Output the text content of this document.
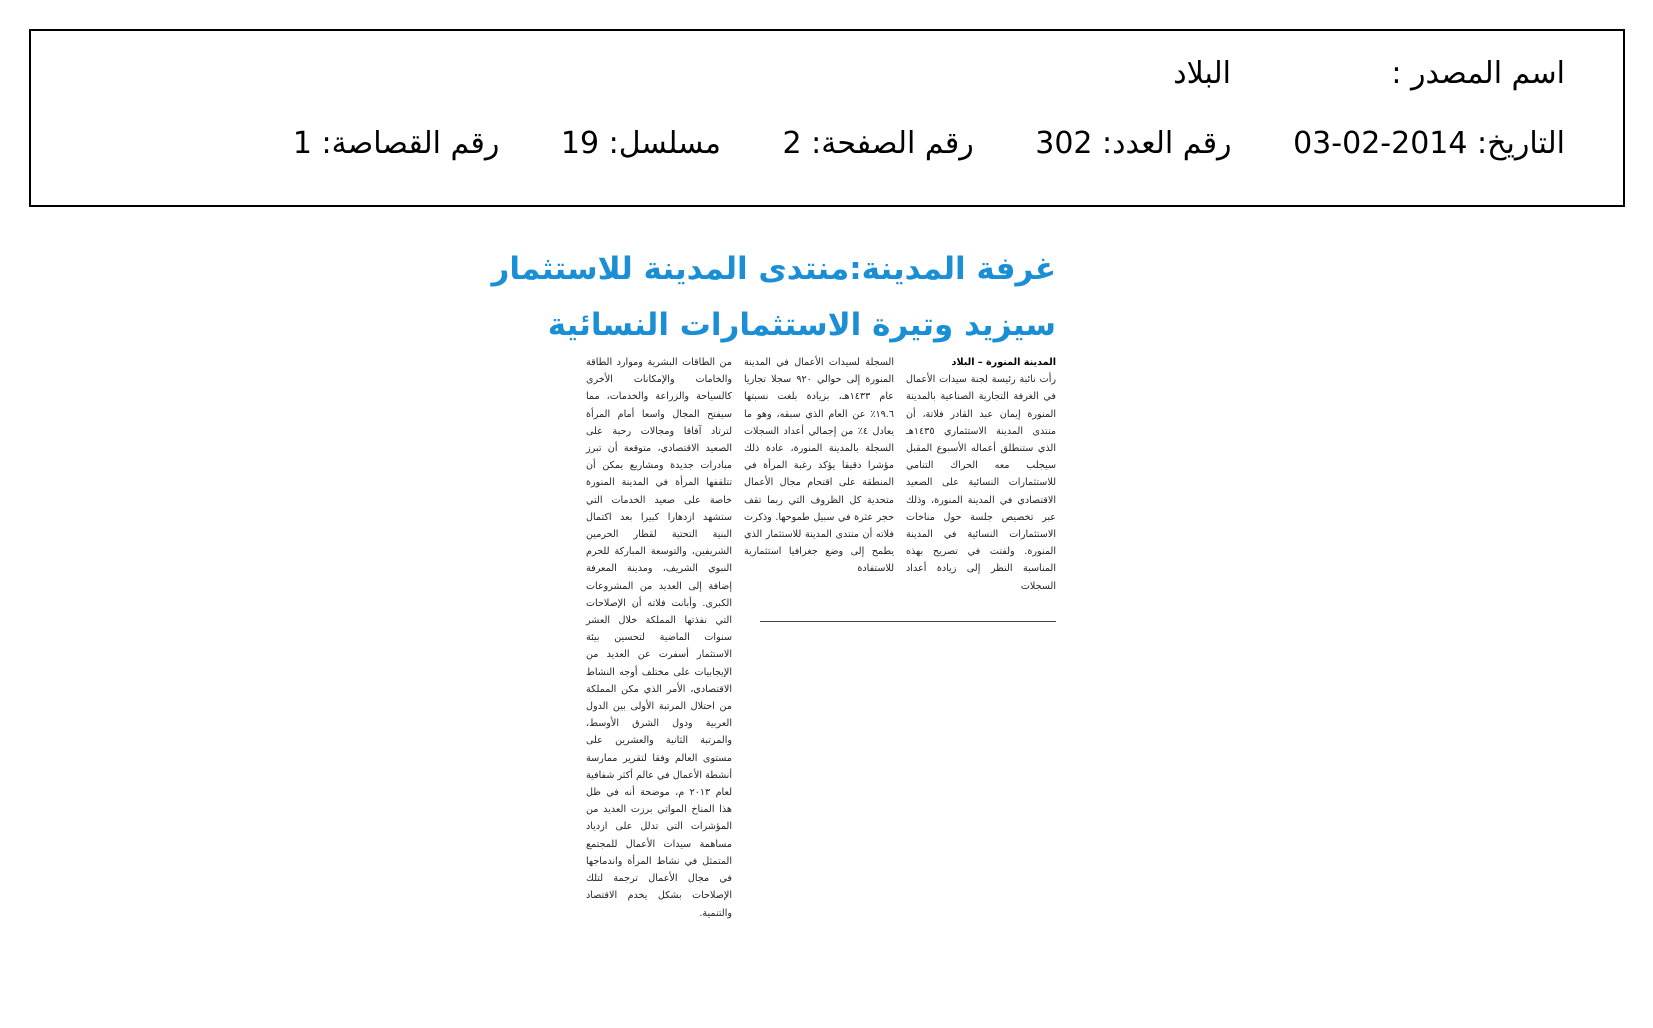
اسم المصدر :
البلاد
التاريخ: 2014-02-03 رقم العدد: 302 رقم الصفحة: 2 مسلسل: 19 رقم القصاصة: 1
غرفة المدينة:منتدى المدينة للاستثمار
سيزيد وتيرة الاستثمارات النسائية
المدينة المنورة – البلاد
رأت نائبة رئيسة لجنة سيدات الأعمال في الغرفة التجارية الصناعية بالمدينة المنورة إيمان عبد القادر فلاتة، أن منتدى المدينة الاستثماري ١٤٣٥هـ الذي ستنطلق أعماله الأسبوع المقبل سيجلب معه الحراك التنامي للاستثمارات النسائية على الصعيد الاقتصادي في المدينة المنورة، وذلك عبر تخصيص جلسة حول مناخات الاستثمارات النسائية في المدينة المنورة. ولفتت في تصريح بهذه المناسبة النظر إلى زيادة أعداد السجلات
السجلة لسيدات الأعمال في المدينة المنورة إلى حوالي ٩٢٠ سجلا تجاريا عام ١٤٣٣هـ، بزيادة بلغت نسبتها ١٩.٦٪ عن العام الذي سبقه، وهو ما يعادل ٤٪ من إجمالي أعداد السجلات السجلة بالمدينة المنورة، عادة ذلك مؤشرا دقيقا يؤكد رغبة المرأة في المنطقة على اقتحام مجال الأعمال متحدية كل الظروف التي ربما تقف حجر عثرة في سبيل طموحها. وذكرت فلاته أن منتدى المدينة للاستثمار الذي يطمح إلى وضع جغرافيا استثمارية للاستفادة
من الطاقات البشرية وموارد الطاقة والخامات والإمكانات الأخرى كالسياحة والزراعة والخدمات، مما سيفتح المجال واسعا أمام المرأة لترتاد آفاقا ومجالات رحبة على الصعيد الاقتصادي، متوقعة أن تبرز مبادرات جديدة ومشاريع يمكن أن تتلقفها المرأة في المدينة المنورة خاصة على صعيد الخدمات التي ستشهد ازدهارا كبيرا بعد اكتمال البنية التحتية لقطار الحرمين الشريفين، والتوسعة المباركة للحرم النبوي الشريف، ومدينة المعرفة إضافة إلى العديد من المشروعات الكبرى. وأبانت فلاته أن الإصلاحات التي نفذتها المملكة خلال العشر سنوات الماضية لتحسين بيئة الاستثمار أسفرت عن العديد من الإيجابيات على مختلف أوجه النشاط الاقتصادي، الأمر الذي مكن المملكة من احتلال المرتبة الأولى بين الدول العربية ودول الشرق الأوسط، والمرتبة الثانية والعشرين على مستوى العالم وفقا لتقرير ممارسة أنشطة الأعمال في عالم أكثر شفافية لعام ٢٠١٣ م، موضحة أنه في ظل هذا المناخ المواتي برزت العديد من المؤشرات التي تدلل على ازدياد مساهمة سيدات الأعمال للمجتمع المتمثل في نشاط المرأة واندماجها في مجال الأعمال ترجمة لتلك الإصلاحات بشكل يخدم الاقتصاد والتنمية.
